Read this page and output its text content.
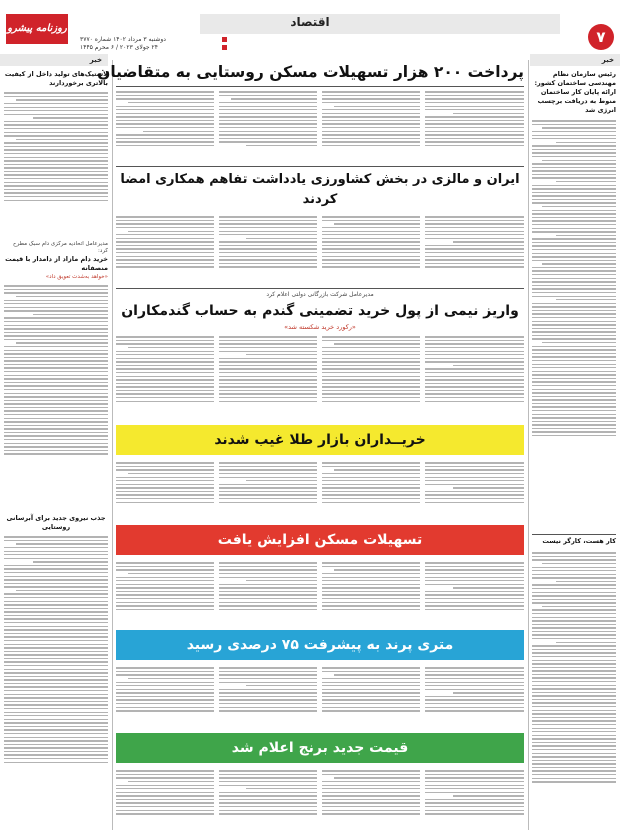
۷
اقتصاد
روزنامه پیشرو
دوشنبه ۳ مرداد ۱۴۰۲ شماره ۳۷۷۰
۲۴ جولای ۲۰۲۳ / ۶ محرم ۱۴۴۵
خبر
خبر
رئیس سازمان نظام مهندسی ساختمان کشور: ارائه پایان کار ساختمان منوط به دریافت برچسب انرژی شد
کار هست، کارگر نیست
لاستیک‌های تولید داخل از کیفیت بالاتری برخوردارند
مدیرعامل اتحادیه مرکزی دام سبک مطرح کرد:
خرید دام مازاد از دامدار با قیمت منصفانه
«خواهد به‌شدت تعویق داد»
جذب نیروی جدید برای آبرسانی روستایی
پرداخت ۲۰۰ هزار تسهیلات مسکن روستایی به متقاضیان
ایران و مالزی در بخش کشاورزی یادداشت تفاهم همکاری امضا کردند
مدیرعامل شرکت بازرگانی دولتی اعلام کرد
واریز نیمی از پول خرید تضمینی گندم به حساب گندمکاران
«رکورد خرید شکسته شد»
خریــداران بازار طلا غیب شدند
تسهیلات مسکن افزایش یافت
متری پرند به پیشرفت ۷۵ درصدی رسید
قیمت جدید برنج اعلام شد
